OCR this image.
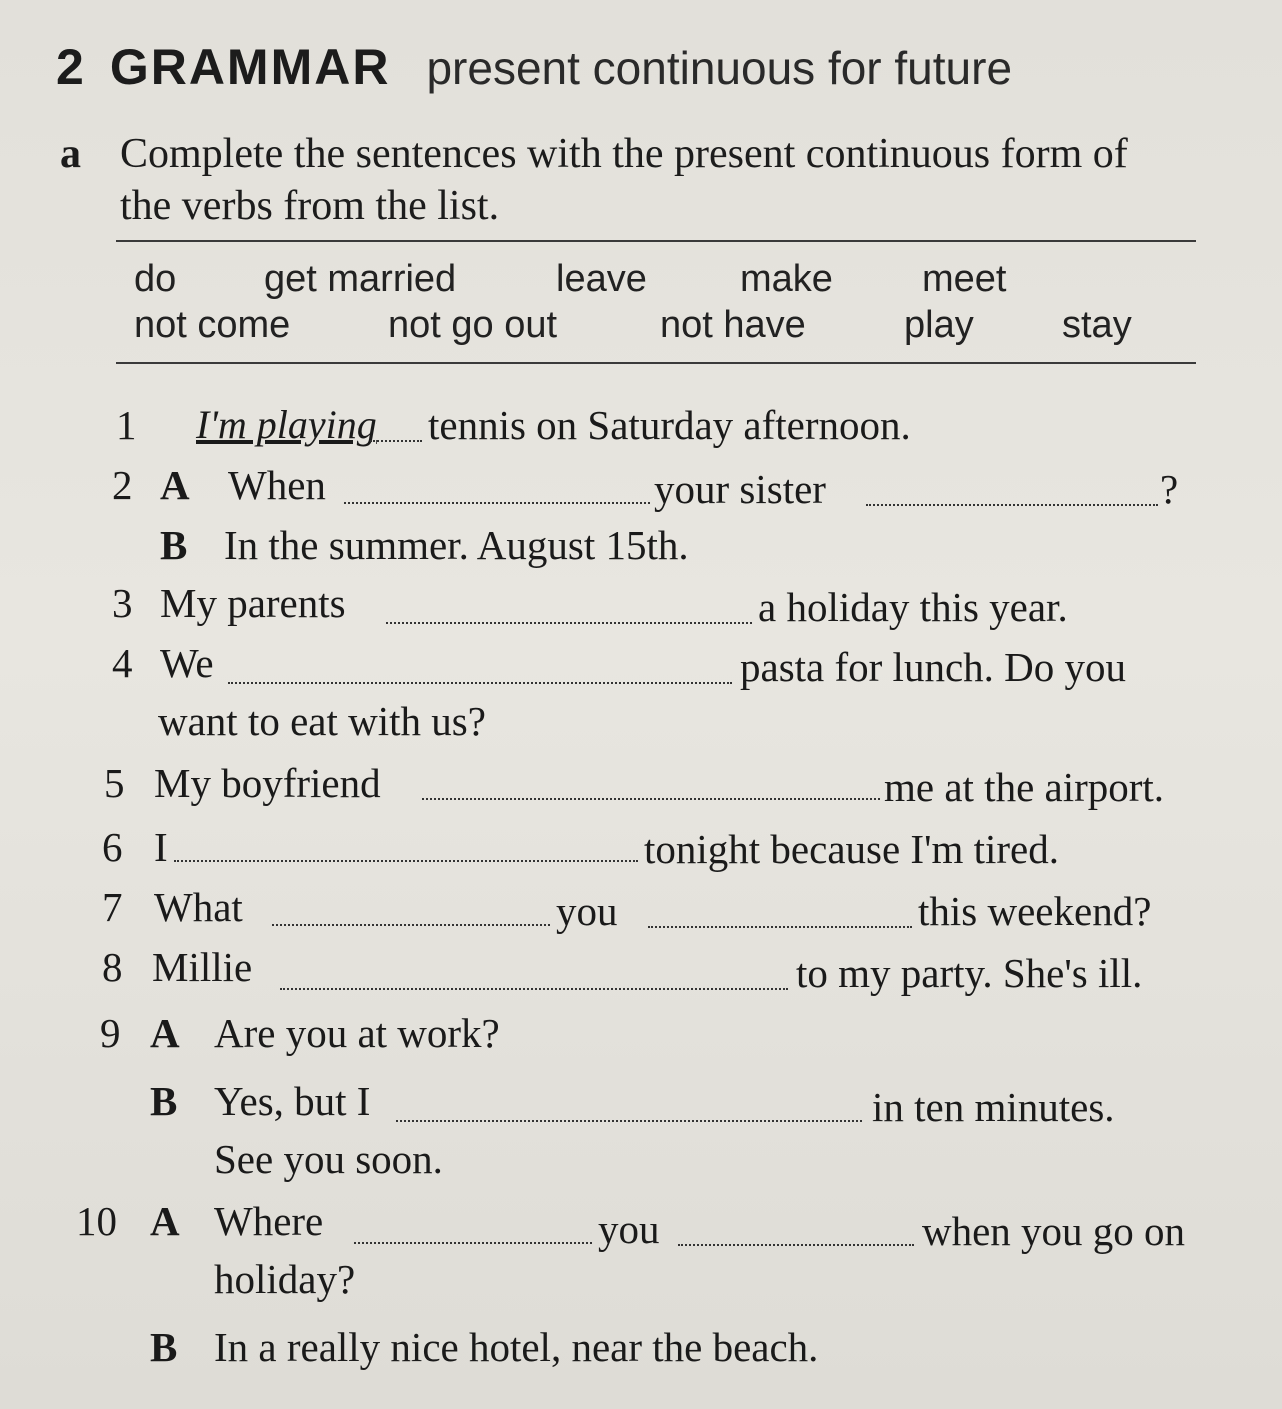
2 GRAMMAR present continuous for future
a Complete the sentences with the present continuous form of the verbs from the list.
do get married	leave make meet
not come	not go out	not have	play stay
1 I'm playing tennis on Saturday afternoon.
2 A When	your sister	?
B In the summer. August 15th.
3 My parents	a holiday this year.
4 We	pasta for lunch. Do you
want to eat with us?
5 My boyfriend	me at the airport.
6 I	tonight because I'm tired.
7 What	you	this weekend?
8 Millie	to my party. She's ill.
9 A Are you at work?
B Yes, but I	in ten minutes.
See you soon.
10 A Where	you	when you go on
holiday?
B In a really nice hotel, near the beach.
